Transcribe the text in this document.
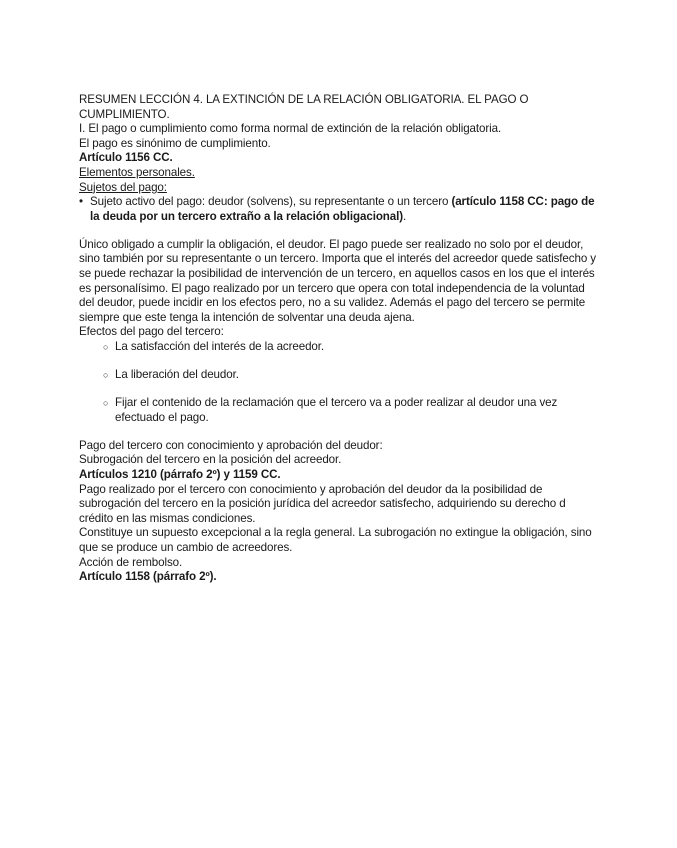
RESUMEN LECCIÓN 4. LA EXTINCIÓN DE LA RELACIÓN OBLIGATORIA. EL PAGO O CUMPLIMIENTO.

I. El pago o cumplimiento como forma normal de extinción de la relación obligatoria.

El pago es sinónimo de cumplimiento.

Artículo 1156 CC.

Elementos personales.

Sujetos del pago:

• Sujeto activo del pago: deudor (solvens), su representante o un tercero (artículo 1158 CC: pago de la deuda por un tercero extraño a la relación obligacional).

Único obligado a cumplir la obligación, el deudor. El pago puede ser realizado no solo por el deudor, sino también por su representante o un tercero. Importa que el interés del acreedor quede satisfecho y se puede rechazar la posibilidad de intervención de un tercero, en aquellos casos en los que el interés es personalísimo. El pago realizado por un tercero que opera con total independencia de la voluntad del deudor, puede incidir en los efectos pero, no a su validez. Además el pago del tercero se permite siempre que este tenga la intención de solventar una deuda ajena.

Efectos del pago del tercero:

○ La satisfacción del interés de la acreedor.
○ La liberación del deudor.
○ Fijar el contenido de la reclamación que el tercero va a poder realizar al deudor una vez efectuado el pago.

Pago del tercero con conocimiento y aprobación del deudor:

Subrogación del tercero en la posición del acreedor.

Artículos 1210 (párrafo 2º) y 1159 CC.

Pago realizado por el tercero con conocimiento y aprobación del deudor da la posibilidad de subrogación del tercero en la posición jurídica del acreedor satisfecho, adquiriendo su derecho d crédito en las mismas condiciones.

Constituye un supuesto excepcional a la regla general. La subrogación no extingue la obligación, sino que se produce un cambio de acreedores.

Acción de rembolso.

Artículo 1158 (párrafo 2º).
